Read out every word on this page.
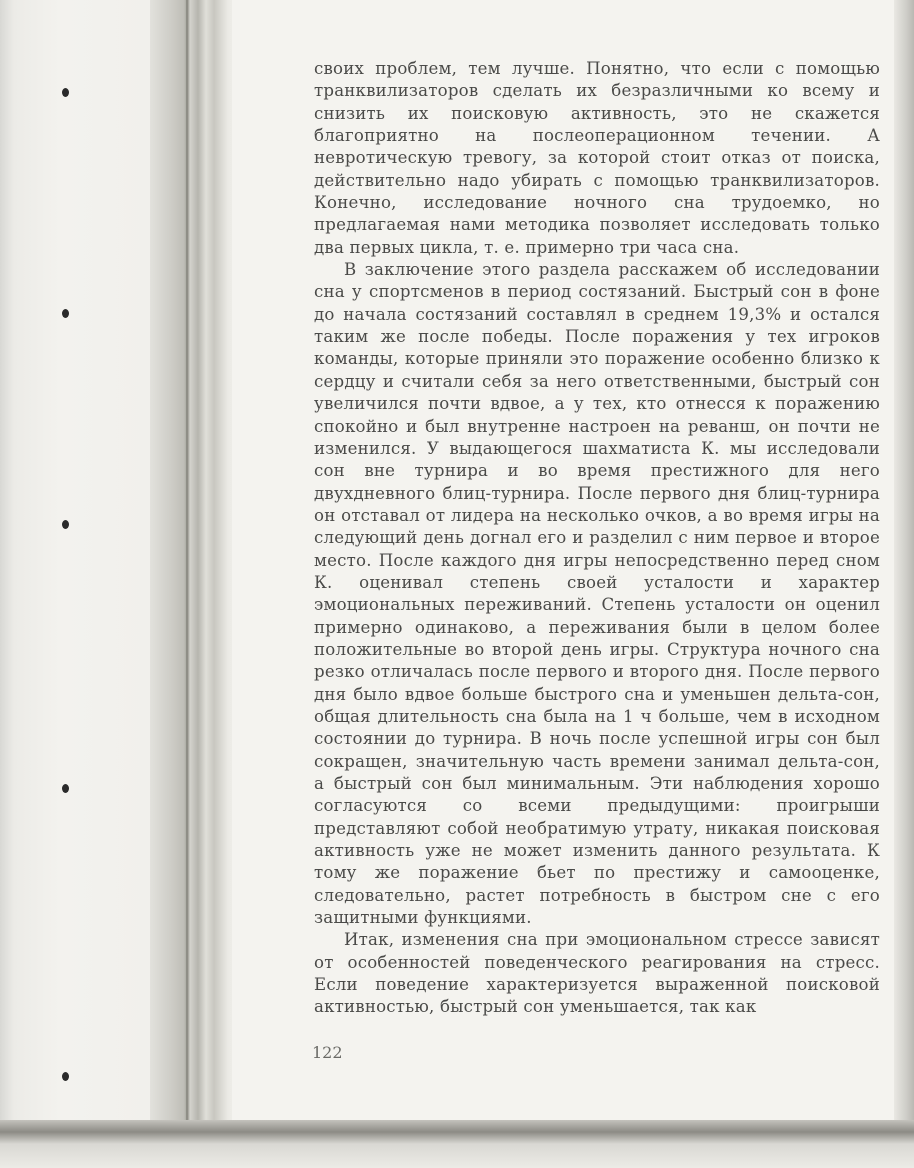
своих проблем, тем лучше. Понятно, что если с помощью транквилизаторов сделать их безразличными ко всему и снизить их поисковую активность, это не скажется благоприятно на послеоперационном течении. А невротическую тревогу, за которой стоит отказ от поиска, действительно надо убирать с помощью транквилизаторов. Конечно, исследование ночного сна трудоемко, но предлагаемая нами методика позволяет исследовать только два первых цикла, т. е. примерно три часа сна.

В заключение этого раздела расскажем об исследовании сна у спортсменов в период состязаний. Быстрый сон в фоне до начала состязаний составлял в среднем 19,3% и остался таким же после победы. После поражения у тех игроков команды, которые приняли это поражение особенно близко к сердцу и считали себя за него ответственными, быстрый сон увеличился почти вдвое, а у тех, кто отнесся к поражению спокойно и был внутренне настроен на реванш, он почти не изменился. У выдающегося шахматиста К. мы исследовали сон вне турнира и во время престижного для него двухдневного блиц-турнира. После первого дня блиц-турнира он отставал от лидера на несколько очков, а во время игры на следующий день догнал его и разделил с ним первое и второе место. После каждого дня игры непосредственно перед сном К. оценивал степень своей усталости и характер эмоциональных переживаний. Степень усталости он оценил примерно одинаково, а переживания были в целом более положительные во второй день игры. Структура ночного сна резко отличалась после первого и второго дня. После первого дня было вдвое больше быстрого сна и уменьшен дельта-сон, общая длительность сна была на 1 ч больше, чем в исходном состоянии до турнира. В ночь после успешной игры сон был сокращен, значительную часть времени занимал дельта-сон, а быстрый сон был минимальным. Эти наблюдения хорошо согласуются со всеми предыдущими: проигрыши представляют собой необратимую утрату, никакая поисковая активность уже не может изменить данного результата. К тому же поражение бьет по престижу и самооценке, следовательно, растет потребность в быстром сне с его защитными функциями.

Итак, изменения сна при эмоциональном стрессе зависят от особенностей поведенческого реагирования на стресс. Если поведение характеризуется выраженной поисковой активностью, быстрый сон уменьшается, так как

122
